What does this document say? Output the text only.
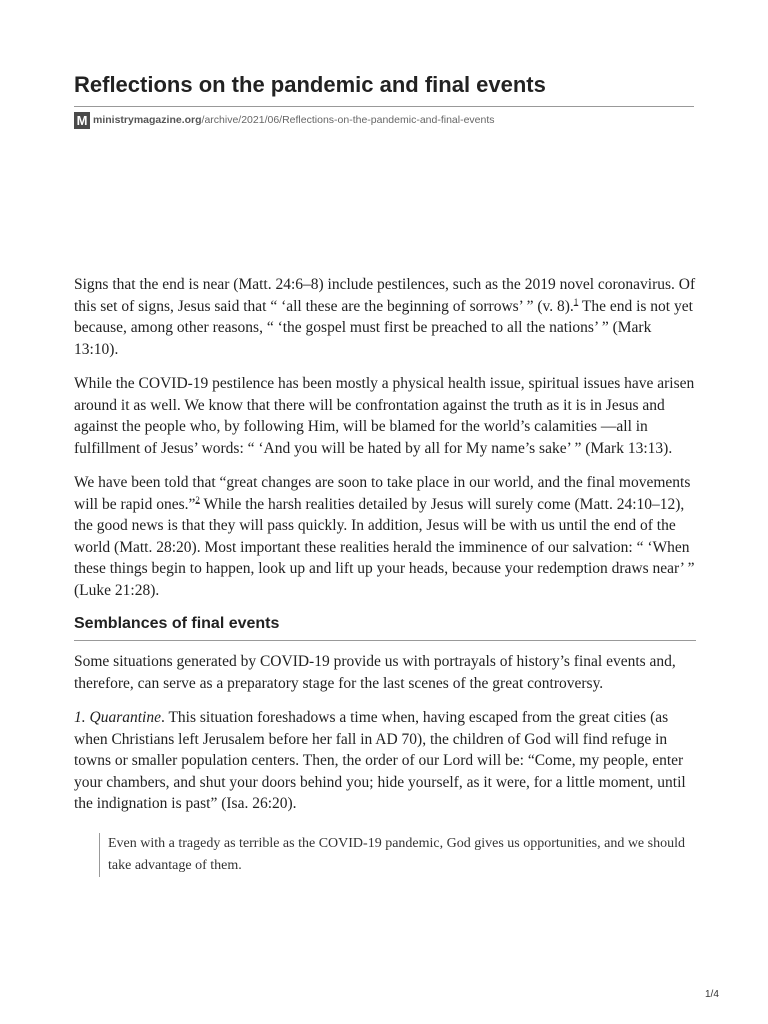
Reflections on the pandemic and final events
M ministrymagazine.org /archive/2021/06/Reflections-on-the-pandemic-and-final-events

Signs that the end is near (Matt. 24:6–8) include pestilences, such as the 2019 novel coronavirus. Of this set of signs, Jesus said that “ ‘all these are the beginning of sorrows’ ” (v. 8).$^1$ The end is not yet because, among other reasons, “ ‘the gospel must first be preached to all the nations’ ” (Mark 13:10).

While the COVID-19 pestilence has been mostly a physical health issue, spiritual issues have arisen around it as well. We know that there will be confrontation against the truth as it is in Jesus and against the people who, by following Him, will be blamed for the world’s calamities —all in fulfillment of Jesus’ words: “ ‘And you will be hated by all for My name’s sake’ ” (Mark 13:13).

We have been told that “great changes are soon to take place in our world, and the final movements will be rapid ones.”$^2$ While the harsh realities detailed by Jesus will surely come (Matt. 24:10–12), the good news is that they will pass quickly. In addition, Jesus will be with us until the end of the world (Matt. 28:20). Most important these realities herald the imminence of our salvation: “ ‘When these things begin to happen, look up and lift up your heads, because your redemption draws near’ ” (Luke 21:28).

Semblances of final events

Some situations generated by COVID-19 provide us with portrayals of history’s final events and, therefore, can serve as a preparatory stage for the last scenes of the great controversy.

1. Quarantine. This situation foreshadows a time when, having escaped from the great cities (as when Christians left Jerusalem before her fall in AD 70), the children of God will find refuge in towns or smaller population centers. Then, the order of our Lord will be: “Come, my people, enter your chambers, and shut your doors behind you; hide yourself, as it were, for a little moment, until the indignation is past” (Isa. 26:20).

Even with a tragedy as terrible as the COVID-19 pandemic, God gives us opportunities, and we should take advantage of them.
1/4
